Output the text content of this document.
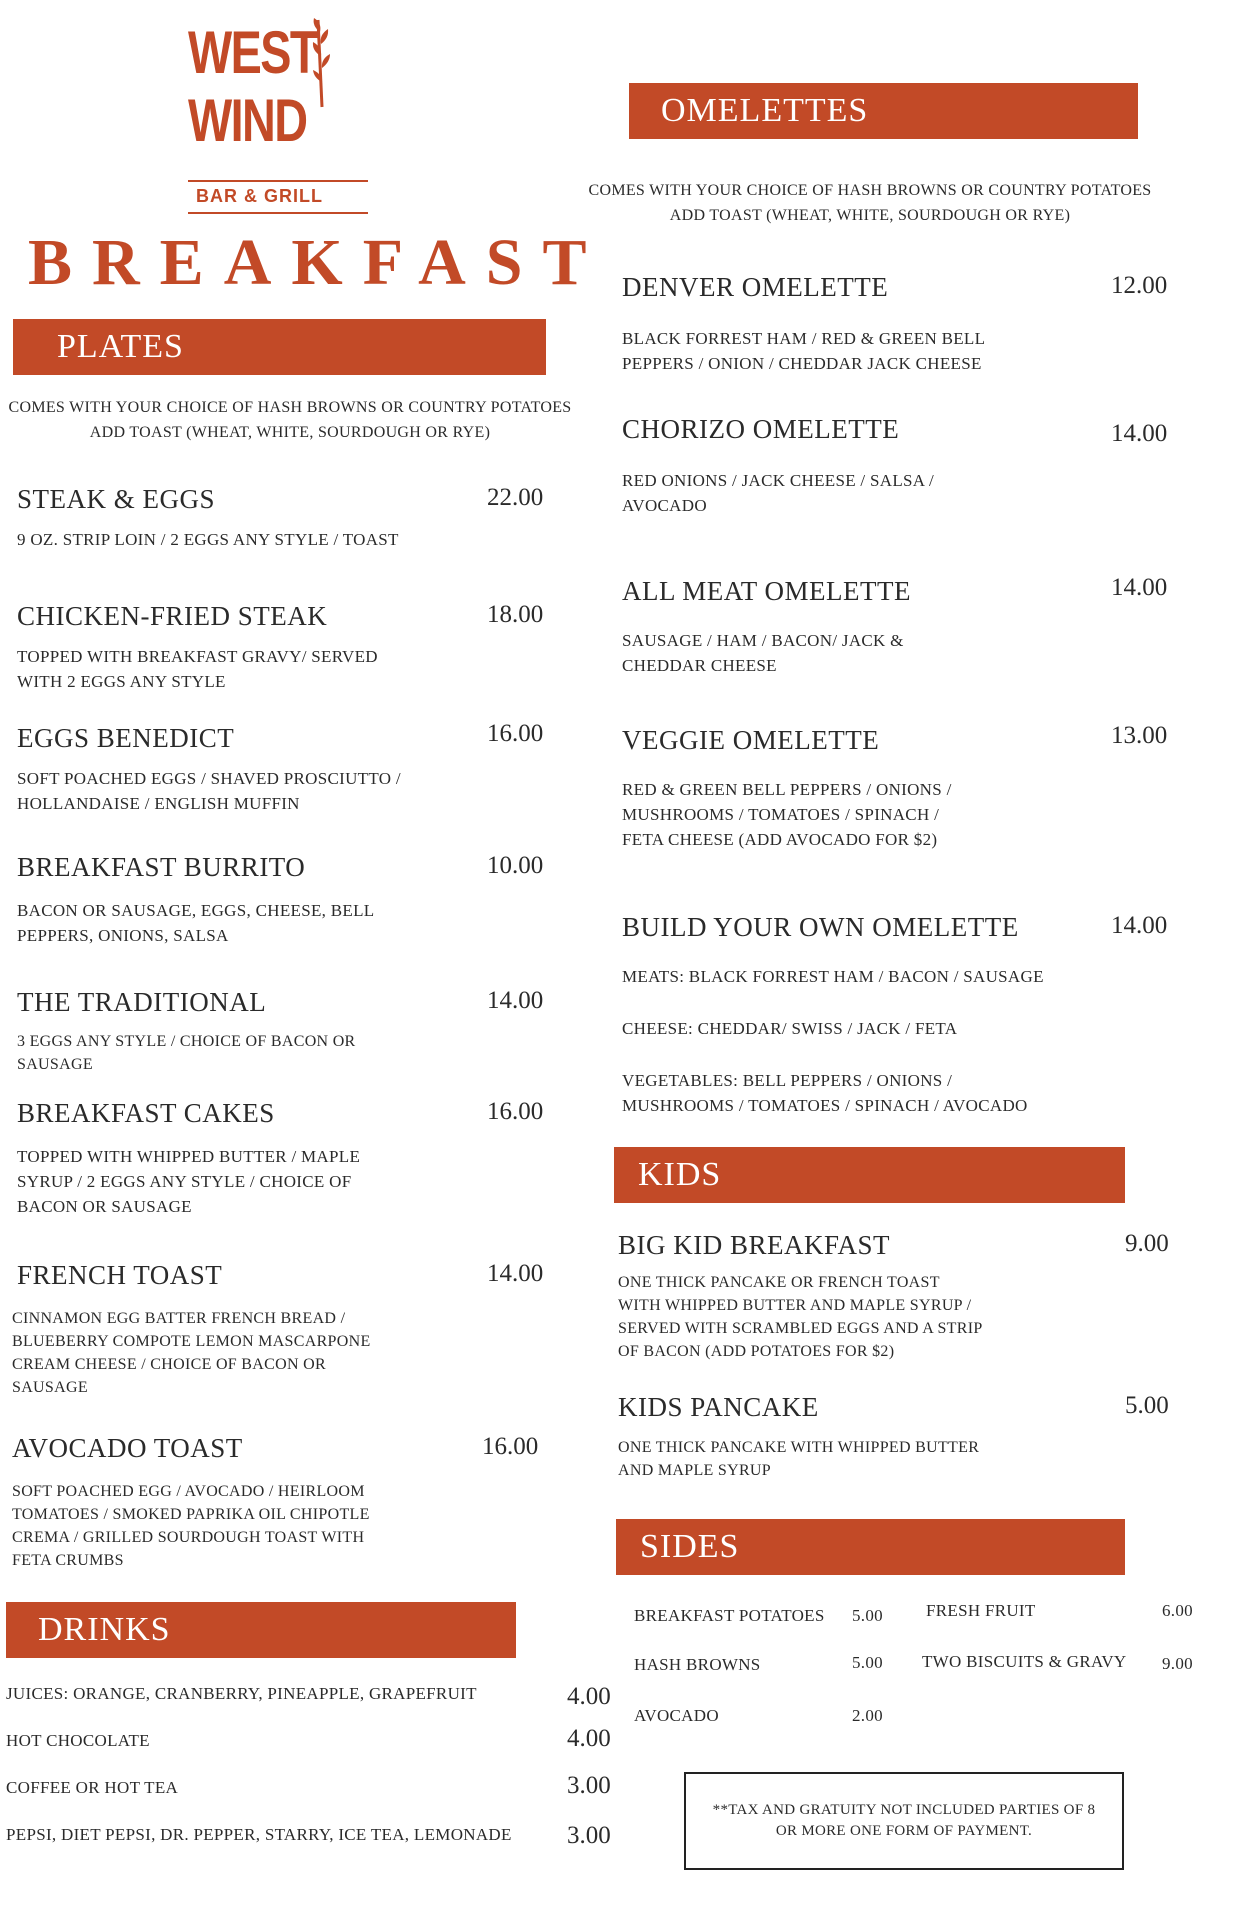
WEST
WIND
BAR & GRILL
BREAKFAST
PLATES
COMES WITH YOUR CHOICE OF HASH BROWNS OR COUNTRY POTATOES
ADD TOAST (WHEAT, WHITE, SOURDOUGH OR RYE)
STEAK & EGGS	22.00
9 OZ. STRIP LOIN / 2 EGGS ANY STYLE / TOAST
CHICKEN-FRIED STEAK	18.00
TOPPED WITH BREAKFAST GRAVY/ SERVED
WITH 2 EGGS ANY STYLE
EGGS BENEDICT	16.00
SOFT POACHED EGGS / SHAVED PROSCIUTTO /
HOLLANDAISE / ENGLISH MUFFIN
BREAKFAST BURRITO	10.00
BACON OR SAUSAGE, EGGS, CHEESE, BELL
PEPPERS, ONIONS, SALSA
THE TRADITIONAL	14.00
3 EGGS ANY STYLE / CHOICE OF BACON OR
SAUSAGE
BREAKFAST CAKES	16.00
TOPPED WITH WHIPPED BUTTER / MAPLE
SYRUP / 2 EGGS ANY STYLE / CHOICE OF
BACON OR SAUSAGE
FRENCH TOAST	14.00
CINNAMON EGG BATTER FRENCH BREAD /
BLUEBERRY COMPOTE LEMON MASCARPONE
CREAM CHEESE / CHOICE OF BACON OR
SAUSAGE
AVOCADO TOAST	16.00
SOFT POACHED EGG / AVOCADO / HEIRLOOM
TOMATOES / SMOKED PAPRIKA OIL CHIPOTLE
CREMA / GRILLED SOURDOUGH TOAST WITH
FETA CRUMBS
DRINKS
JUICES: ORANGE, CRANBERRY, PINEAPPLE, GRAPEFRUIT	4.00
HOT CHOCOLATE	4.00
COFFEE OR HOT TEA	3.00
PEPSI, DIET PEPSI, DR. PEPPER, STARRY, ICE TEA, LEMONADE 3.00
OMELETTES
COMES WITH YOUR CHOICE OF HASH BROWNS OR COUNTRY POTATOES
ADD TOAST (WHEAT, WHITE, SOURDOUGH OR RYE)
DENVER OMELETTE	12.00
BLACK FORREST HAM / RED & GREEN BELL
PEPPERS / ONION / CHEDDAR JACK CHEESE
CHORIZO OMELETTE	14.00
RED ONIONS / JACK CHEESE / SALSA /
AVOCADO
ALL MEAT OMELETTE	14.00
SAUSAGE / HAM / BACON/ JACK &
CHEDDAR CHEESE
VEGGIE OMELETTE	13.00
RED & GREEN BELL PEPPERS / ONIONS /
MUSHROOMS / TOMATOES / SPINACH /
FETA CHEESE (ADD AVOCADO FOR $2)
BUILD YOUR OWN OMELETTE	14.00
MEATS: BLACK FORREST HAM / BACON / SAUSAGE
CHEESE: CHEDDAR/ SWISS / JACK / FETA
VEGETABLES: BELL PEPPERS / ONIONS /
MUSHROOMS / TOMATOES / SPINACH / AVOCADO
KIDS
BIG KID BREAKFAST	9.00
ONE THICK PANCAKE OR FRENCH TOAST
WITH WHIPPED BUTTER AND MAPLE SYRUP /
SERVED WITH SCRAMBLED EGGS AND A STRIP
OF BACON (ADD POTATOES FOR $2)
KIDS PANCAKE	5.00
ONE THICK PANCAKE WITH WHIPPED BUTTER
AND MAPLE SYRUP
SIDES
BREAKFAST POTATOES 5.00
HASH BROWNS	5.00
AVOCADO	2.00
FRESH FRUIT	6.00
TWO BISCUITS & GRAVY 9.00
**TAX AND GRATUITY NOT INCLUDED PARTIES OF 8
OR MORE ONE FORM OF PAYMENT.
